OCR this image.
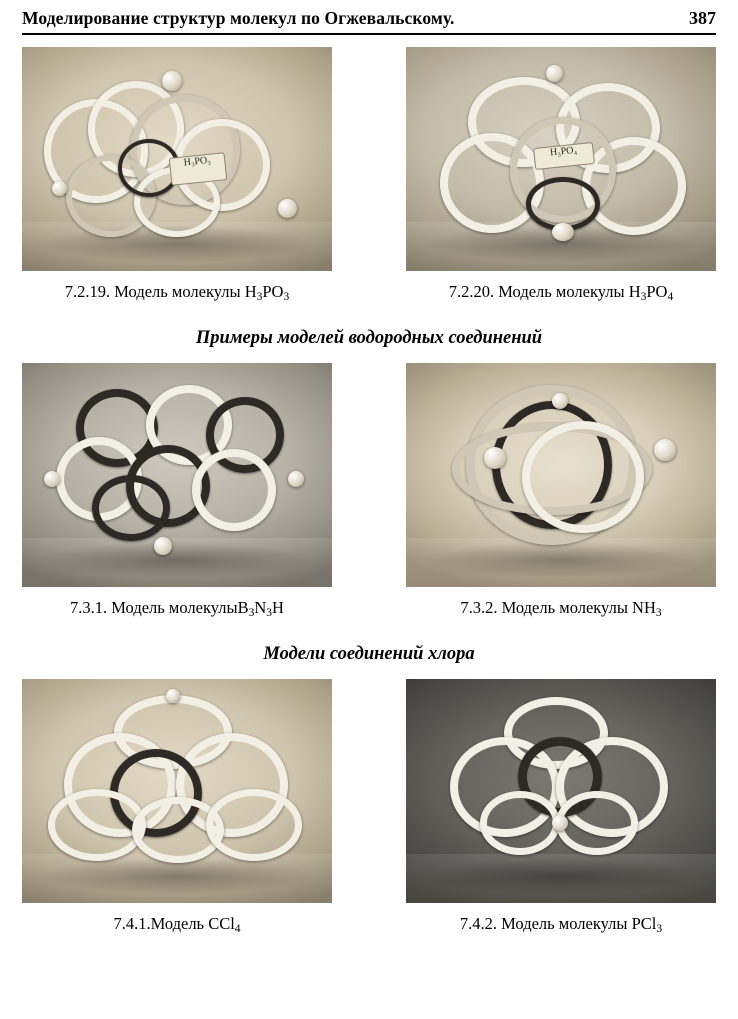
Моделирование структур молекул по Огжевальскому.	387
H₃PO₃
7.2.19. Модель молекулы $H_3PO_3$
H₃PO₄
7.2.20. Модель молекулы $H_3PO_4$
Примеры моделей водородных соединений
7.3.1. Модель $молекулыB_3N_3H$	7.3.2. Модель молекулы $NH_3$
Модели соединений хлора
7.4.1.Модель CCl$_4$	7.4.2. Модель молекулы PCl$_3$
